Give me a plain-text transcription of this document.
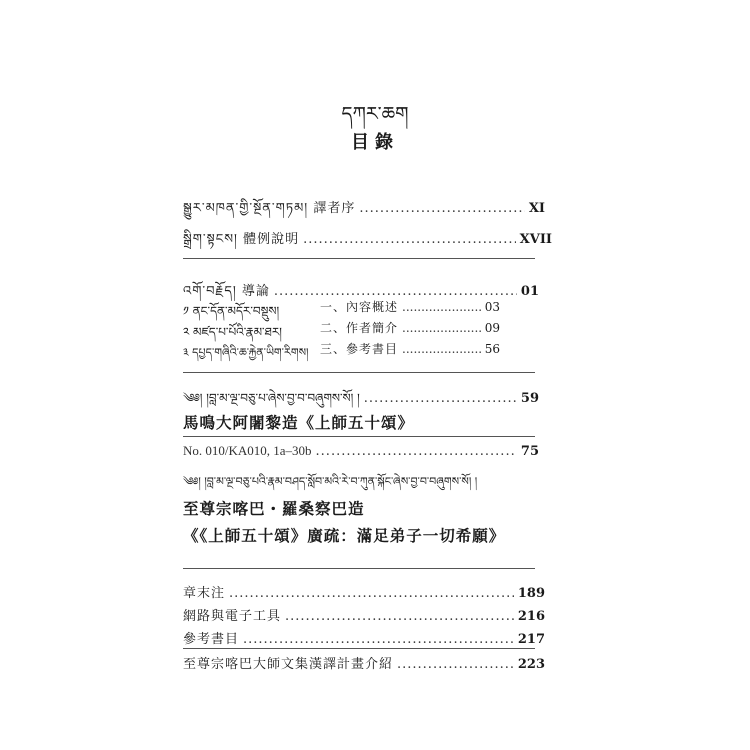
དཀར་ཆག
目錄
སྒྱུར་མཁན་གྱི་སྔོན་གཏམ། 譯者序 .....	XI
སྒྲིག་སྟངས། 體例說明 .....	XVII
འགོ་བརྗོད། 導論 .....	01
༡ ནང་དོན་མདོར་བསྡུས།	一、內容概述 .....	03
༢ མཛད་པ་པོའི་རྣམ་ཐར།	二、作者簡介 .....	09
༣ དཔྱད་གཞིའི་ཆ་རྐྱེན་ཡིག་རིགས། 三、參考書目 .....	56
༄༅། །བླ་མ་ལྔ་བཅུ་པ་ཞེས་བྱ་བ་བཞུགས་སོ། ། .....	59
馬鳴大阿闍黎造《上師五十頌》
No. 010/KA010, 1a–30b .....	75
༄༅། །བླ་མ་ལྔ་བཅུ་པའི་རྣམ་བཤད་སློབ་མའི་རེ་བ་ཀུན་སྐོང་ཞེས་བྱ་བ་བཞུགས་སོ། །
至尊宗喀巴・羅桑察巴造
《《上師五十頌》廣疏：滿足弟子一切希願》
章末注 .....	189
網路與電子工具 .....	216
參考書目 .....	217
至尊宗喀巴大師文集漢譯計畫介紹 .....	223
